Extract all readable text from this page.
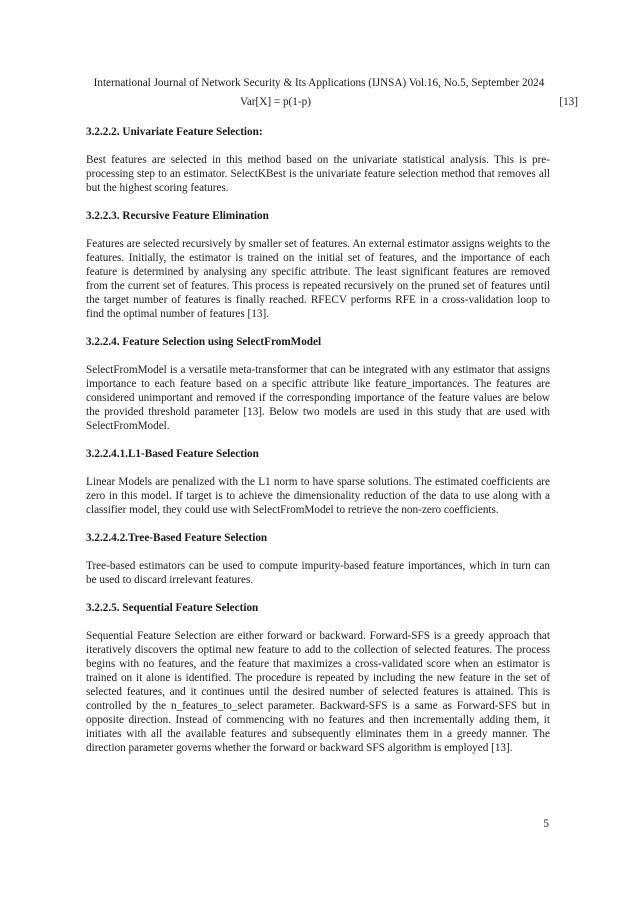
International Journal of Network Security & Its Applications (IJNSA) Vol.16, No.5, September 2024
Var[X] = p(1-p)	[13]
3.2.2.2. Univariate Feature Selection:
Best features are selected in this method based on the univariate statistical analysis. This is pre-processing step to an estimator. SelectKBest is the univariate feature selection method that removes all but the highest scoring features.
3.2.2.3. Recursive Feature Elimination
Features are selected recursively by smaller set of features. An external estimator assigns weights to the features. Initially, the estimator is trained on the initial set of features, and the importance of each feature is determined by analysing any specific attribute. The least significant features are removed from the current set of features. This process is repeated recursively on the pruned set of features until the target number of features is finally reached. RFECV performs RFE in a cross-validation loop to find the optimal number of features [13].
3.2.2.4. Feature Selection using SelectFromModel
SelectFromModel is a versatile meta-transformer that can be integrated with any estimator that assigns importance to each feature based on a specific attribute like feature_importances. The features are considered unimportant and removed if the corresponding importance of the feature values are below the provided threshold parameter [13]. Below two models are used in this study that are used with SelectFromModel.
3.2.2.4.1.L1-Based Feature Selection
Linear Models are penalized with the L1 norm to have sparse solutions. The estimated coefficients are zero in this model. If target is to achieve the dimensionality reduction of the data to use along with a classifier model, they could use with SelectFromModel to retrieve the non-zero coefficients.
3.2.2.4.2.Tree-Based Feature Selection
Tree-based estimators can be used to compute impurity-based feature importances, which in turn can be used to discard irrelevant features.
3.2.2.5. Sequential Feature Selection
Sequential Feature Selection are either forward or backward. Forward-SFS is a greedy approach that iteratively discovers the optimal new feature to add to the collection of selected features. The process begins with no features, and the feature that maximizes a cross-validated score when an estimator is trained on it alone is identified. The procedure is repeated by including the new feature in the set of selected features, and it continues until the desired number of selected features is attained. This is controlled by the n_features_to_select parameter. Backward-SFS is a same as Forward-SFS but in opposite direction. Instead of commencing with no features and then incrementally adding them, it initiates with all the available features and subsequently eliminates them in a greedy manner. The direction parameter governs whether the forward or backward SFS algorithm is employed [13].
5
